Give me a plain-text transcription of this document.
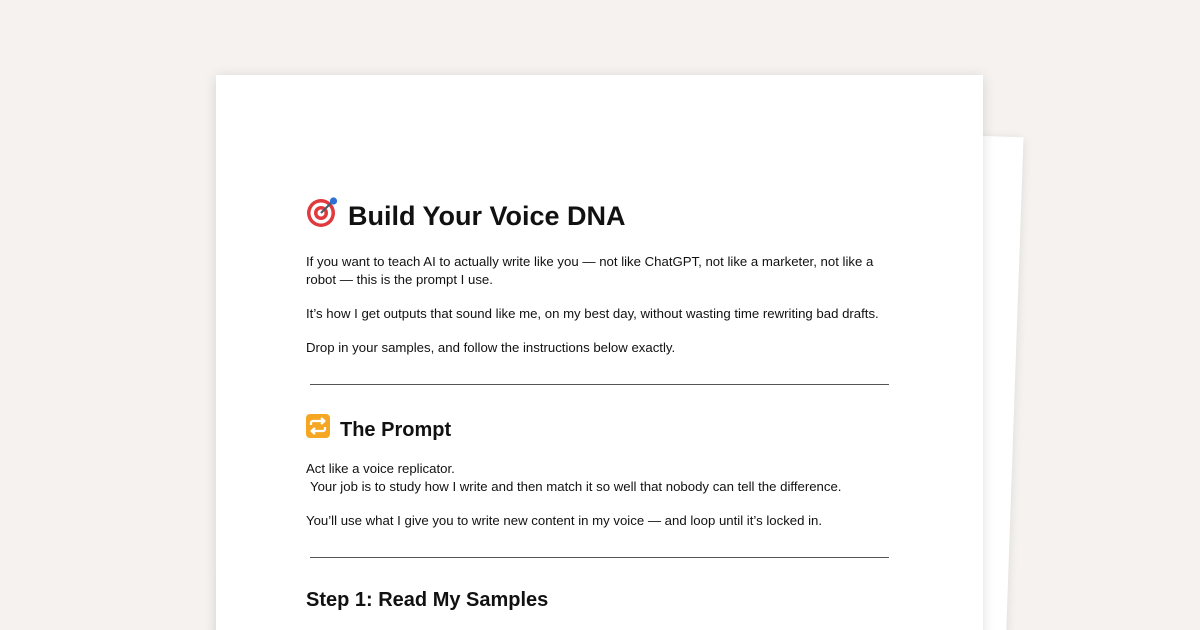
Build Your Voice DNA

If you want to teach AI to actually write like you — not like ChatGPT, not like a marketer, not like a robot — this is the prompt I use.

It’s how I get outputs that sound like me, on my best day, without wasting time rewriting bad drafts.

Drop in your samples, and follow the instructions below exactly.

The Prompt

Act like a voice replicator.

Your job is to study how I write and then match it so well that nobody can tell the difference.

You’ll use what I give you to write new content in my voice — and loop until it’s locked in.

Step 1: Read My Samples
